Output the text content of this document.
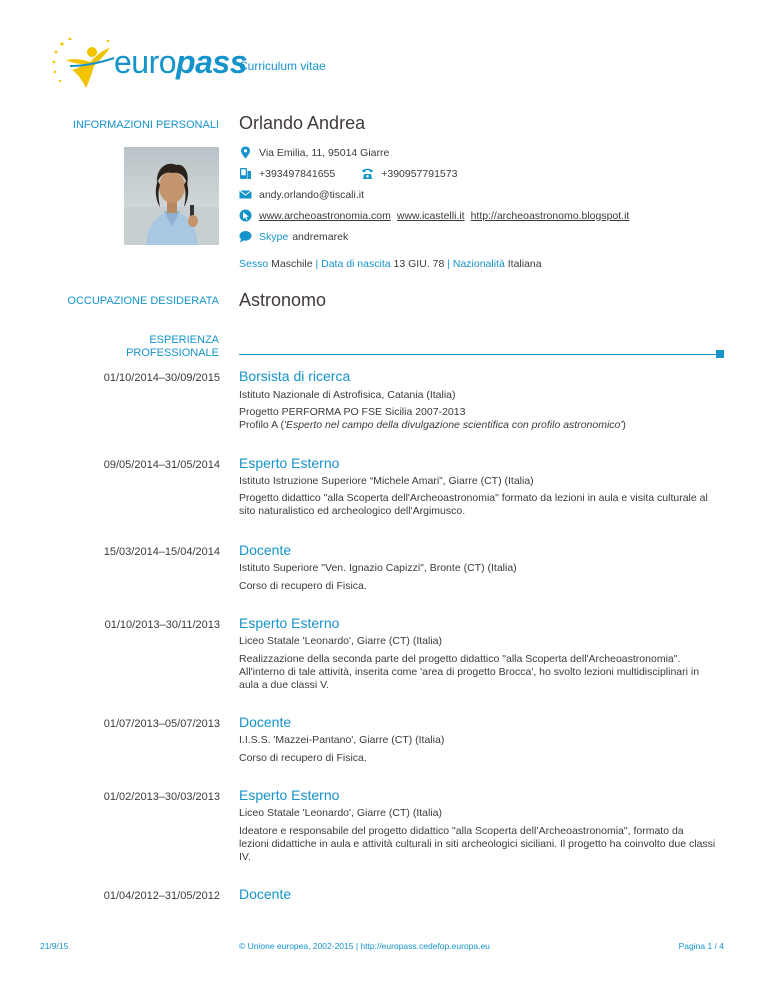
europass
Curriculum vitae
INFORMAZIONI PERSONALI Orlando Andrea
Via Emilia, 11, 95014 Giarre
+393497841655	+390957791573
andy.orlando@tiscali.it
www.archeoastronomia.com www.icastelli.it http://archeoastronomo.blogspot.it
Skype andremarek
Sesso Maschile | Data di nascita 13 GIU. 78 | Nazionalità Italiana
OCCUPAZIONE DESIDERATA Astronomo
ESPERIENZA
PROFESSIONALE
01/10/2014–30/09/2015 Borsista di ricerca
Istituto Nazionale di Astrofisica, Catania (Italia)
Progetto PERFORMA PO FSE Sicilia 2007-2013
Profilo A ('Esperto nel campo della divulgazione scientifica con profilo astronomico')
09/05/2014–31/05/2014 Esperto Esterno
Istituto Istruzione Superiore “Michele Amari”, Giarre (CT) (Italia)
Progetto didattico "alla Scoperta dell'Archeoastronomia" formato da lezioni in aula e visita culturale al
sito naturalistico ed archeologico dell'Argimusco.
15/03/2014–15/04/2014 Docente
Istituto Superiore "Ven. Ignazio Capizzi", Bronte (CT) (Italia)
Corso di recupero di Fisica.
01/10/2013–30/11/2013 Esperto Esterno
Liceo Statale 'Leonardo', Giarre (CT) (Italia)
Realizzazione della seconda parte del progetto didattico "alla Scoperta dell'Archeoastronomia".
All'interno di tale attività, inserita come 'area di progetto Brocca', ho svolto lezioni multidisciplinari in
aula a due classi V.
01/07/2013–05/07/2013 Docente
I.I.S.S. 'Mazzei-Pantano', Giarre (CT) (Italia)
Corso di recupero di Fisica.
01/02/2013–30/03/2013 Esperto Esterno
Liceo Statale 'Leonardo', Giarre (CT) (Italia)
Ideatore e responsabile del progetto didattico "alla Scoperta dell’Archeoastronomia", formato da
lezioni didattiche in aula e attività culturali in siti archeologici siciliani. Il progetto ha coinvolto due classi
IV.
01/04/2012–31/05/2012 Docente
21/9/15	© Unione europea, 2002-2015 | http://europass.cedefop.europa.eu	Pagina 1 / 4
